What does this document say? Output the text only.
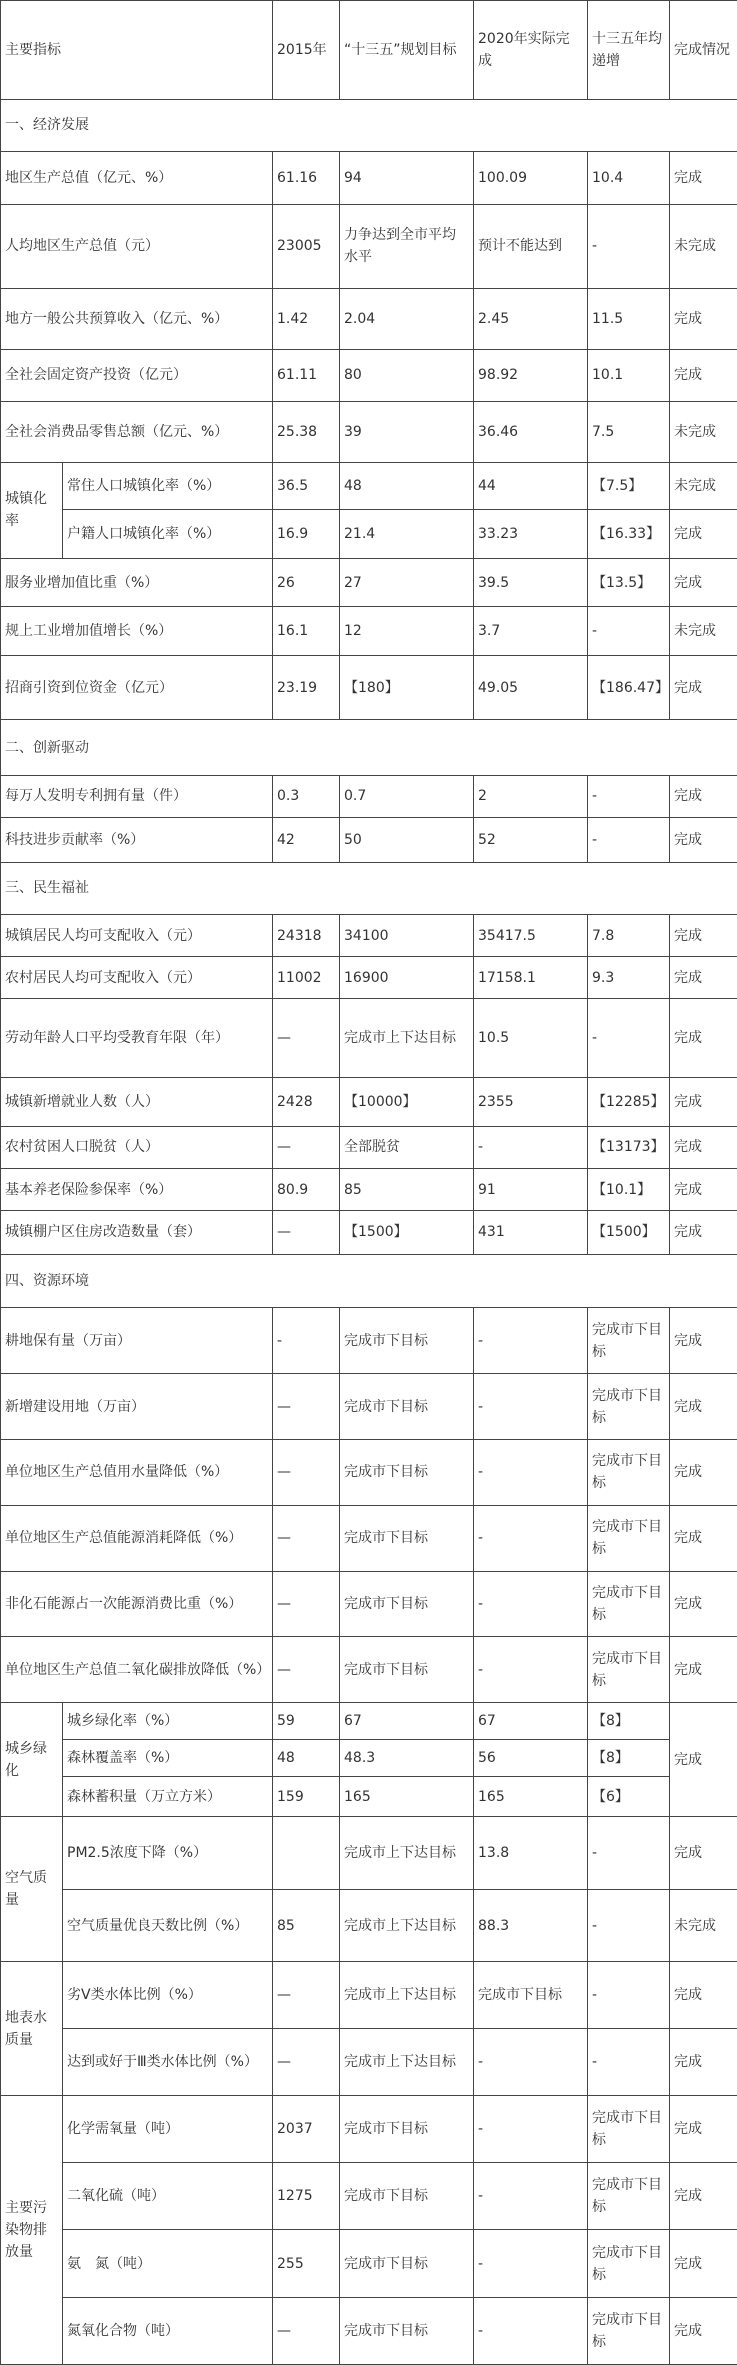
主要指标		2015年	“十三五”规划目标	2020年实际完成	十三五年均递增	完成情况
一、经济发展						
地区生产总值（亿元、%）		61.16	94	100.09	10.4	完成
人均地区生产总值（元）		23005	力争达到全市平均水平	预计不能达到	-	未完成
地方一般公共预算收入（亿元、%）		1.42	2.04	2.45	11.5	完成
全社会固定资产投资（亿元）		61.11	80	98.92	10.1	完成
全社会消费品零售总额（亿元、%）		25.38	39	36.46	7.5	未完成
城镇化率	常住人口城镇化率（%）	36.5	48	44	【7.5】	未完成
	户籍人口城镇化率（%）	16.9	21.4	33.23	【16.33】	完成
服务业增加值比重（%）		26	27	39.5	【13.5】	完成
规上工业增加值增长（%）		16.1	12	3.7	-	未完成
招商引资到位资金（亿元）		23.19	【180】	49.05	【186.47】	完成
二、创新驱动						
每万人发明专利拥有量（件）		0.3	0.7	2	-	完成
科技进步贡献率（%）		42	50	52	-	完成
三、民生福祉						
城镇居民人均可支配收入（元）		24318	34100	35417.5	7.8	完成
农村居民人均可支配收入（元）		11002	16900	17158.1	9.3	完成
劳动年龄人口平均受教育年限（年）		—	完成市上下达目标	10.5	-	完成
城镇新增就业人数（人）		2428	【10000】	2355	【12285】	完成
农村贫困人口脱贫（人）		—	全部脱贫	-	【13173】	完成
基本养老保险参保率（%）		80.9	85	91	【10.1】	完成
城镇棚户区住房改造数量（套）		—	【1500】	431	【1500】	完成
四、资源环境						
耕地保有量（万亩）		-	完成市下目标	-	完成市下目标	完成
新增建设用地（万亩）		—	完成市下目标	-	完成市下目标	完成
单位地区生产总值用水量降低（%）		—	完成市下目标	-	完成市下目标	完成
单位地区生产总值能源消耗降低（%）		—	完成市下目标	-	完成市下目标	完成
非化石能源占一次能源消费比重（%）		—	完成市下目标	-	完成市下目标	完成
单位地区生产总值二氧化碳排放降低（%）		—	完成市下目标	-	完成市下目标	完成
城乡绿化	城乡绿化率（%）	59	67	67	【8】	完成
	森林覆盖率（%）	48	48.3	56	【8】	
	森林蓄积量（万立方米）	159	165	165	【6】	
空气质量	PM2.5浓度下降（%）		完成市上下达目标	13.8	-	完成
	空气质量优良天数比例（%）	85	完成市上下达目标	88.3	-	未完成
地表水质量	劣Ⅴ类水体比例（%）	—	完成市上下达目标	完成市下目标	-	完成
	达到或好于Ⅲ类水体比例（%）	—	完成市上下达目标	-	-	完成
主要污染物排放量	化学需氧量（吨）	2037	完成市下目标	-	完成市下目标	完成
	二氧化硫（吨）	1275	完成市下目标	-	完成市下目标	完成
	氨　氮（吨）	255	完成市下目标	-	完成市下目标	完成
	氮氧化合物（吨）	—	完成市下目标	-	完成市下目标	完成
